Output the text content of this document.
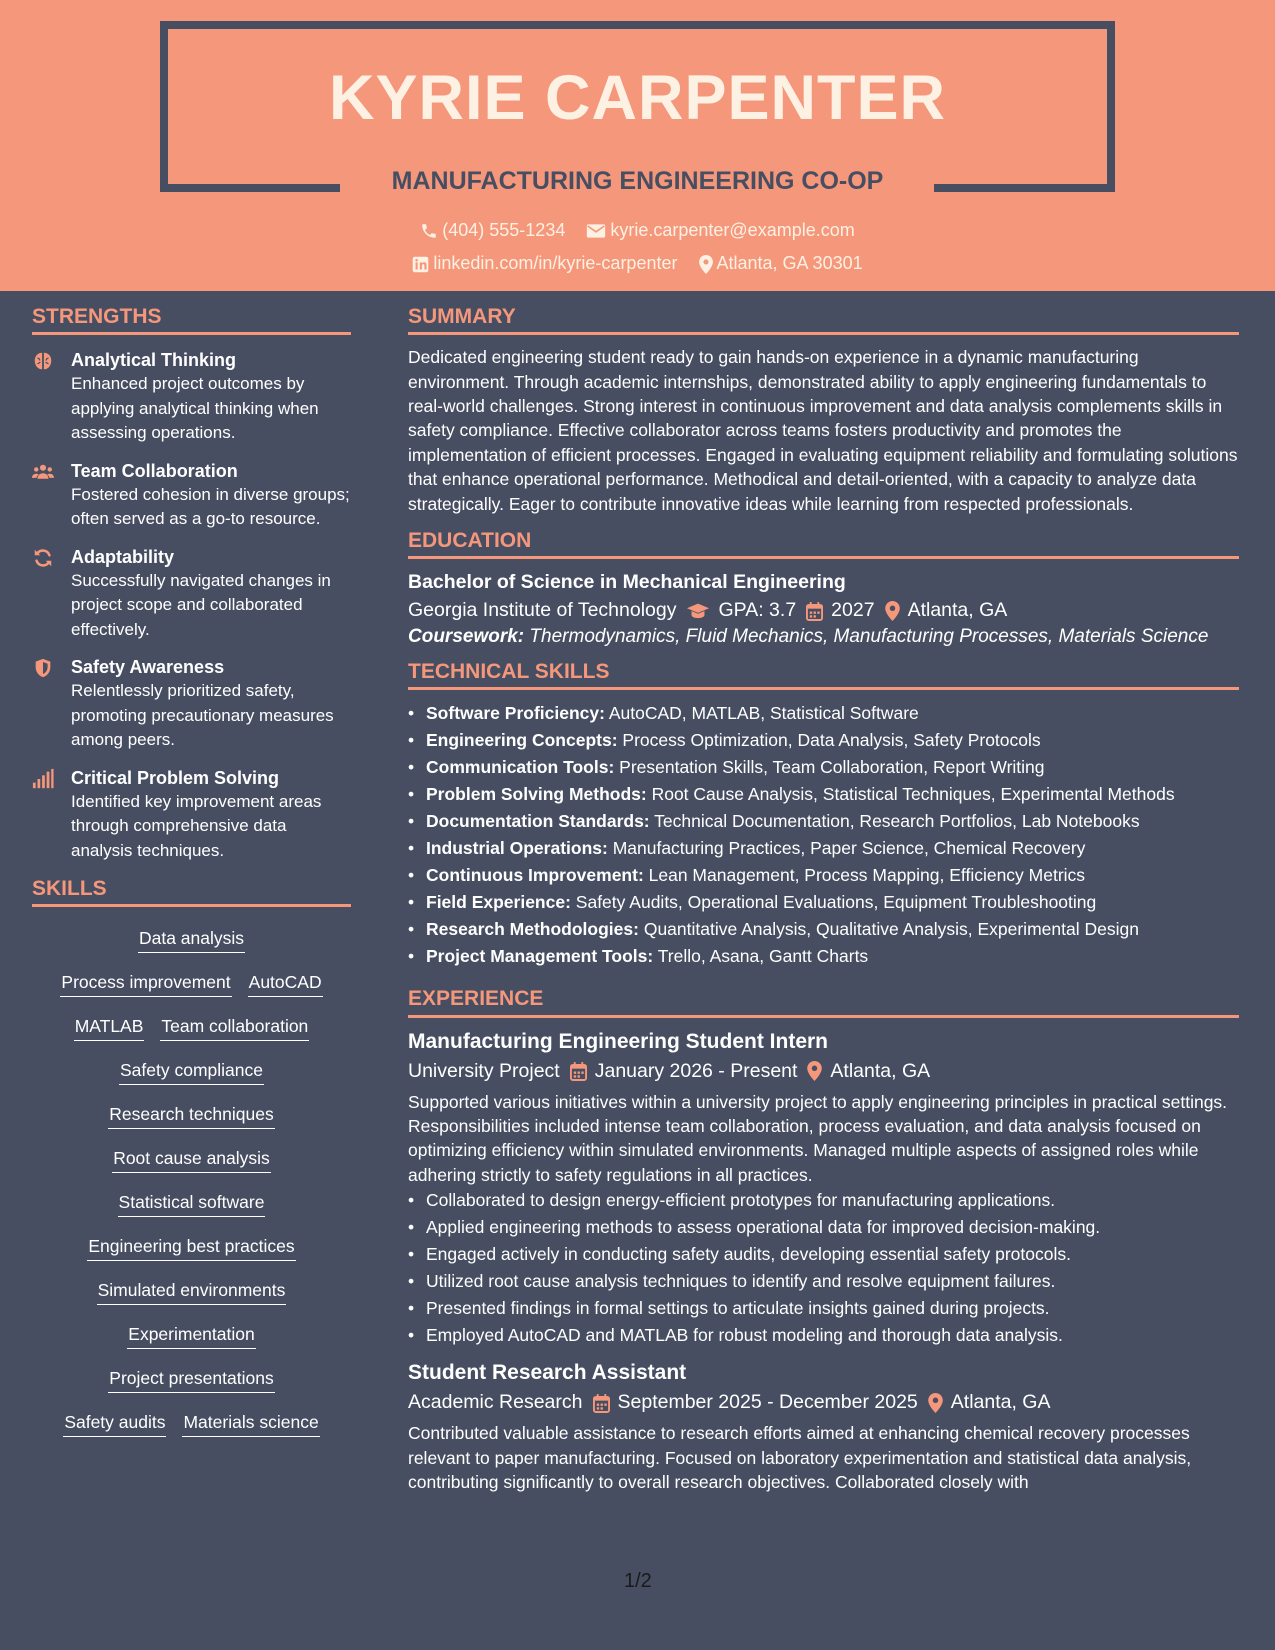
KYRIE CARPENTER
MANUFACTURING ENGINEERING CO-OP
(404) 555-1234	kyrie.carpenter@example.com
linkedin.com/in/kyrie-carpenter Atlanta, GA 30301
STRENGTHS
Analytical Thinking
Enhanced project outcomes by applying analytical thinking when assessing operations.
Team Collaboration
Fostered cohesion in diverse groups; often served as a go-to resource.
Adaptability
Successfully navigated changes in project scope and collaborated effectively.
Safety Awareness
Relentlessly prioritized safety, promoting precautionary measures among peers.
Critical Problem Solving
Identified key improvement areas through comprehensive data analysis techniques.
SKILLS
Data analysis
Process improvement AutoCAD
MATLAB Team collaboration
Safety compliance
Research techniques
Root cause analysis
Statistical software
Engineering best practices
Simulated environments
Experimentation
Project presentations
Safety audits Materials science
SUMMARY
Dedicated engineering student ready to gain hands-on experience in a dynamic manufacturing environment. Through academic internships, demonstrated ability to apply engineering fundamentals to real-world challenges. Strong interest in continuous improvement and data analysis complements skills in safety compliance. Effective collaborator across teams fosters productivity and promotes the implementation of efficient processes. Engaged in evaluating equipment reliability and formulating solutions that enhance operational performance. Methodical and detail-oriented, with a capacity to analyze data strategically. Eager to contribute innovative ideas while learning from respected professionals.
EDUCATION
Bachelor of Science in Mechanical Engineering
Georgia Institute of Technology GPA: 3.7 2027 Atlanta, GA
Coursework: Thermodynamics, Fluid Mechanics, Manufacturing Processes, Materials Science
TECHNICAL SKILLS
• Software Proficiency: AutoCAD, MATLAB, Statistical Software
• Engineering Concepts: Process Optimization, Data Analysis, Safety Protocols
• Communication Tools: Presentation Skills, Team Collaboration, Report Writing
• Problem Solving Methods: Root Cause Analysis, Statistical Techniques, Experimental Methods
• Documentation Standards: Technical Documentation, Research Portfolios, Lab Notebooks
• Industrial Operations: Manufacturing Practices, Paper Science, Chemical Recovery
• Continuous Improvement: Lean Management, Process Mapping, Efficiency Metrics
• Field Experience: Safety Audits, Operational Evaluations, Equipment Troubleshooting
• Research Methodologies: Quantitative Analysis, Qualitative Analysis, Experimental Design
• Project Management Tools: Trello, Asana, Gantt Charts
EXPERIENCE
Manufacturing Engineering Student Intern
University Project January 2026 - Present Atlanta, GA
Supported various initiatives within a university project to apply engineering principles in practical settings. Responsibilities included intense team collaboration, process evaluation, and data analysis focused on optimizing efficiency within simulated environments. Managed multiple aspects of assigned roles while adhering strictly to safety regulations in all practices.
• Collaborated to design energy-efficient prototypes for manufacturing applications.
• Applied engineering methods to assess operational data for improved decision-making.
• Engaged actively in conducting safety audits, developing essential safety protocols.
• Utilized root cause analysis techniques to identify and resolve equipment failures.
• Presented findings in formal settings to articulate insights gained during projects.
• Employed AutoCAD and MATLAB for robust modeling and thorough data analysis.
Student Research Assistant
Academic Research September 2025 - December 2025 Atlanta, GA
Contributed valuable assistance to research efforts aimed at enhancing chemical recovery processes relevant to paper manufacturing. Focused on laboratory experimentation and statistical data analysis, contributing significantly to overall research objectives. Collaborated closely with
1/2
